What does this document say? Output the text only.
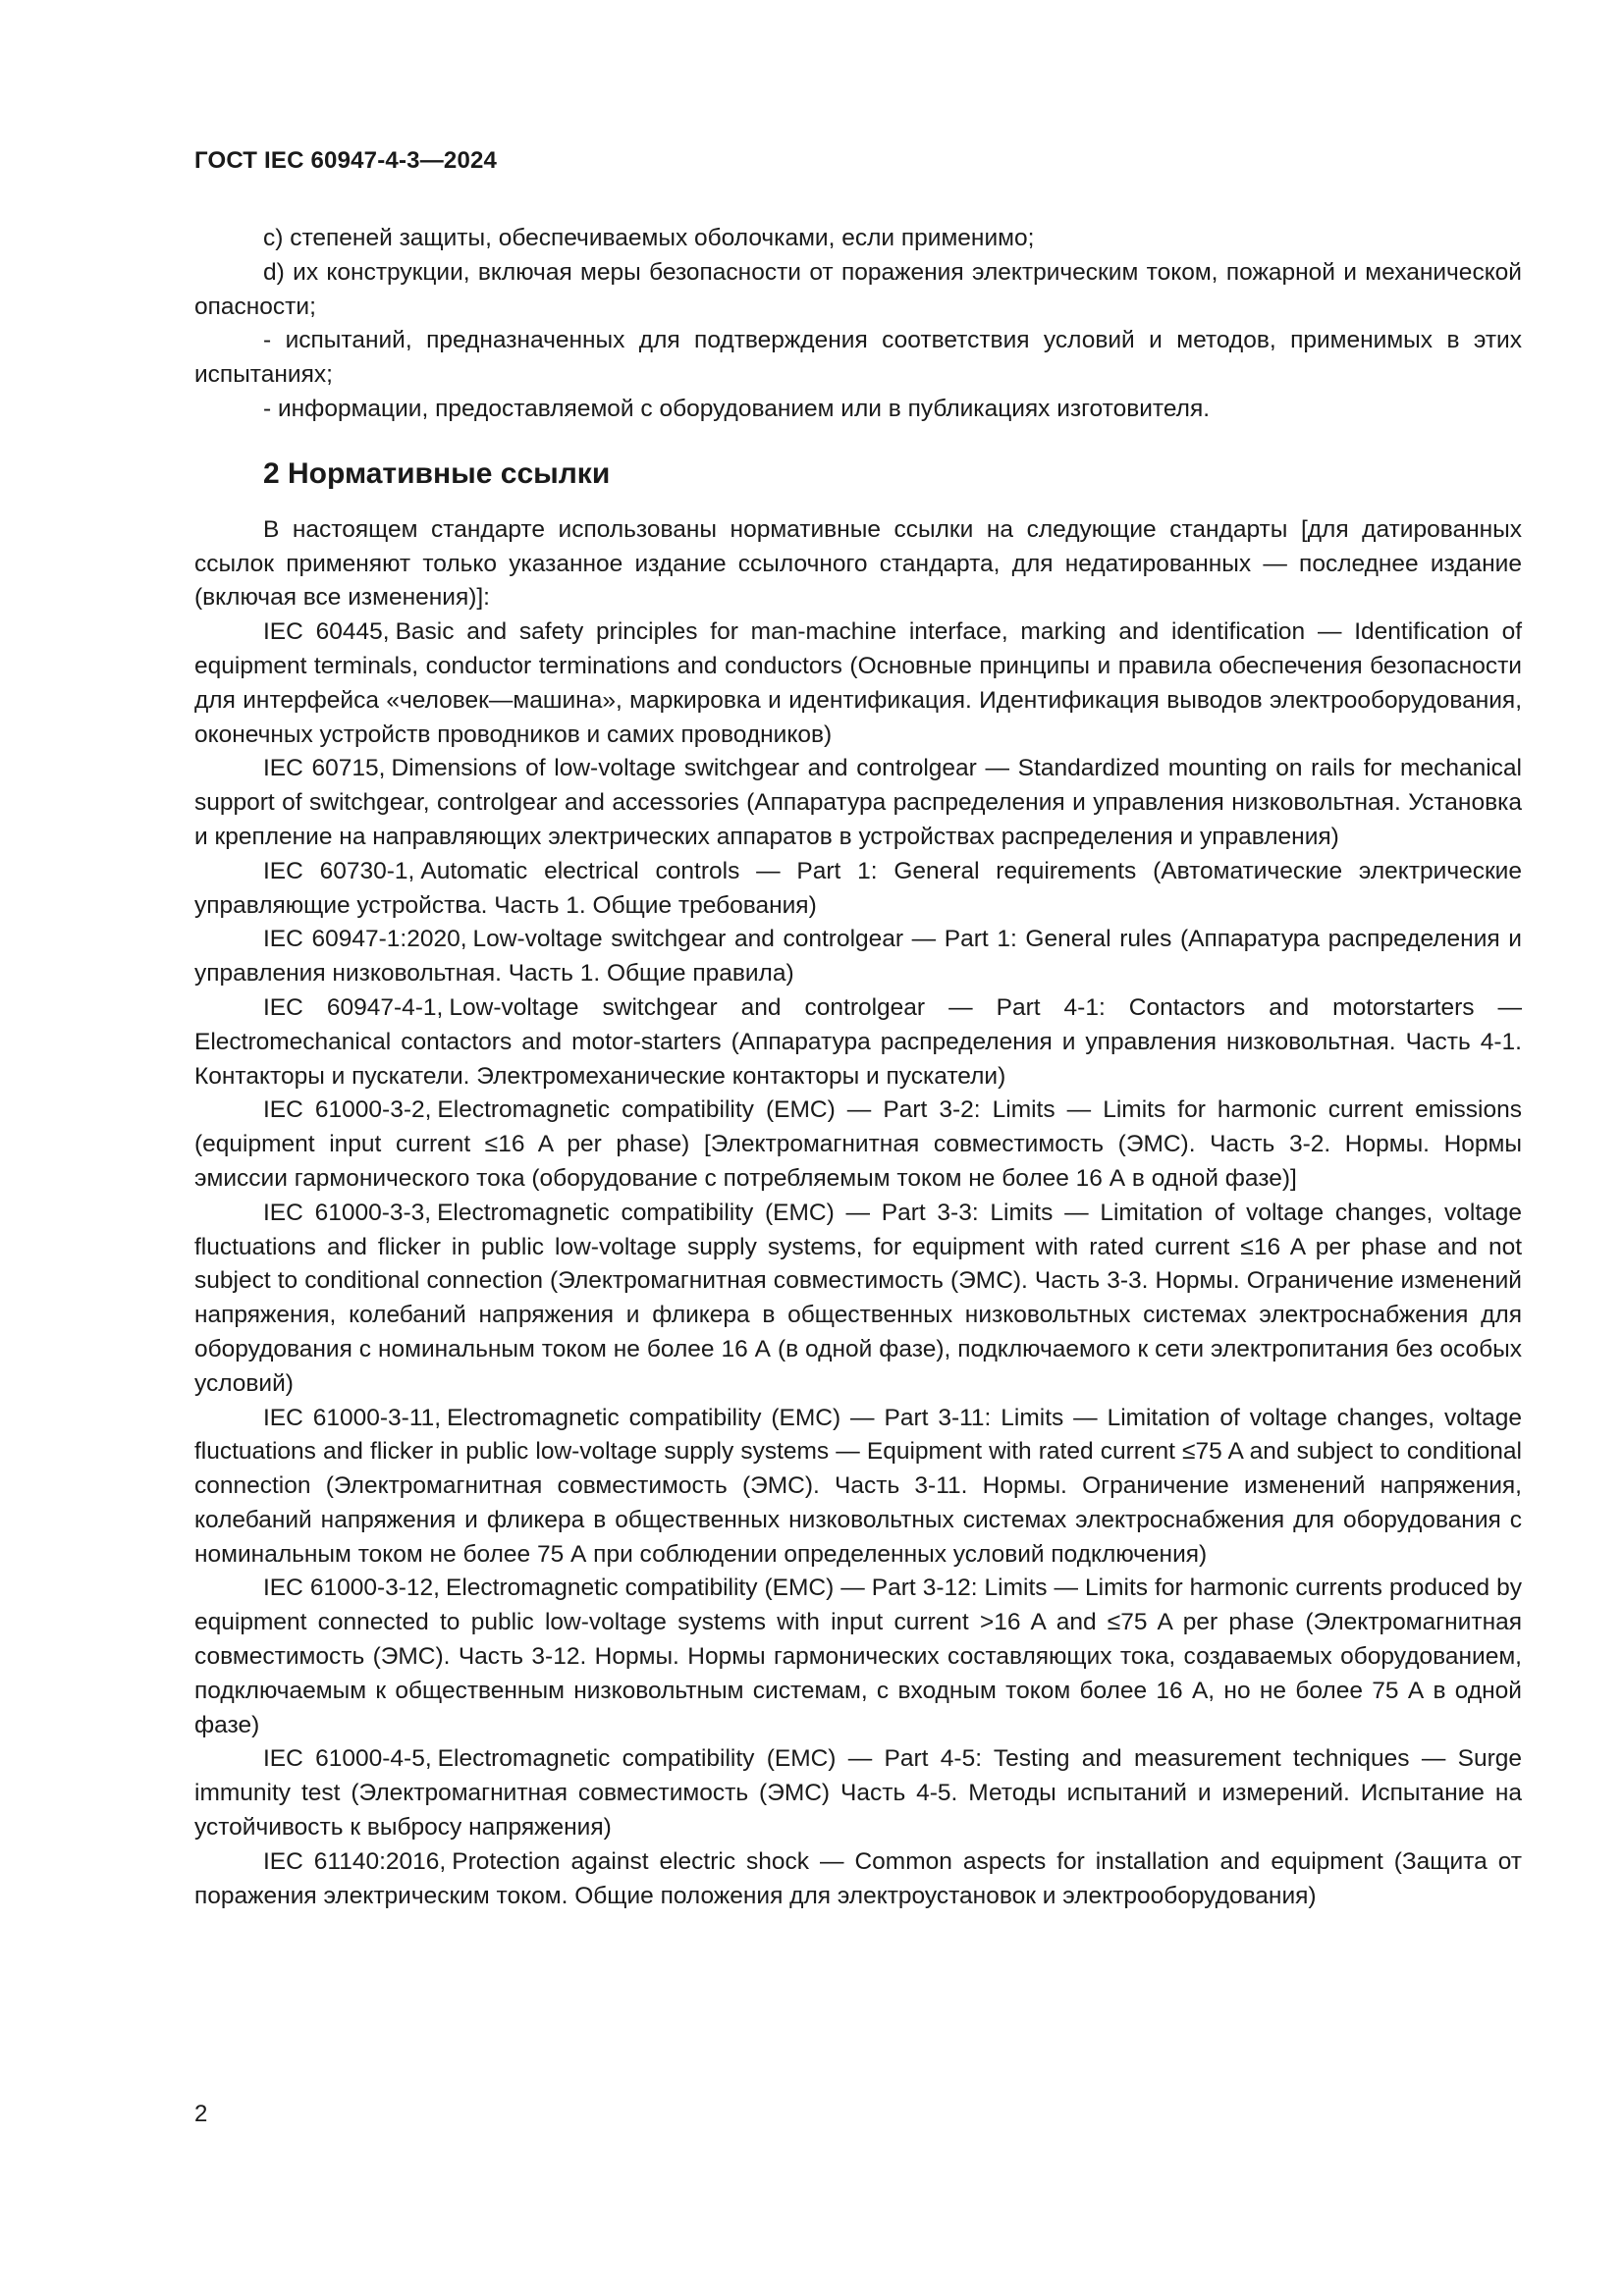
ГОСТ IEC 60947-4-3—2024

c) степеней защиты, обеспечиваемых оболочками, если применимо;

d) их конструкции, включая меры безопасности от поражения электрическим током, пожарной и механической опасности;

- испытаний, предназначенных для подтверждения соответствия условий и методов, применимых в этих испытаниях;

- информации, предоставляемой с оборудованием или в публикациях изготовителя.

2 Нормативные ссылки

В настоящем стандарте использованы нормативные ссылки на следующие стандарты [для датированных ссылок применяют только указанное издание ссылочного стандарта, для недатированных — последнее издание (включая все изменения)]:

IEC 60445, Basic and safety principles for man-machine interface, marking and identification — Identification of equipment terminals, conductor terminations and conductors (Основные принципы и правила обеспечения безопасности для интерфейса «человек—машина», маркировка и идентификация. Идентификация выводов электрооборудования, оконечных устройств проводников и самих проводников)

IEC 60715, Dimensions of low-voltage switchgear and controlgear — Standardized mounting on rails for mechanical support of switchgear, controlgear and accessories (Аппаратура распределения и управления низковольтная. Установка и крепление на направляющих электрических аппаратов в устройствах распределения и управления)

IEC 60730-1, Automatic electrical controls — Part 1: General requirements (Автоматические электрические управляющие устройства. Часть 1. Общие требования)

IEC 60947-1:2020, Low-voltage switchgear and controlgear — Part 1: General rules (Аппаратура распределения и управления низковольтная. Часть 1. Общие правила)

IEC 60947-4-1, Low-voltage switchgear and controlgear — Part 4-1: Contactors and motorstarters — Electromechanical contactors and motor-starters (Аппаратура распределения и управления низковольтная. Часть 4-1. Контакторы и пускатели. Электромеханические контакторы и пускатели)

IEC 61000-3-2, Electromagnetic compatibility (EMC) — Part 3-2: Limits — Limits for harmonic current emissions (equipment input current ≤16 A per phase) [Электромагнитная совместимость (ЭМС). Часть 3-2. Нормы. Нормы эмиссии гармонического тока (оборудование с потребляемым током не более 16 А в одной фазе)]

IEC 61000-3-3, Electromagnetic compatibility (EMC) — Part 3-3: Limits — Limitation of voltage changes, voltage fluctuations and flicker in public low-voltage supply systems, for equipment with rated current ≤16 A per phase and not subject to conditional connection (Электромагнитная совместимость (ЭМС). Часть 3-3. Нормы. Ограничение изменений напряжения, колебаний напряжения и фликера в общественных низковольтных системах электроснабжения для оборудования с номинальным током не более 16 А (в одной фазе), подключаемого к сети электропитания без особых условий)

IEC 61000-3-11, Electromagnetic compatibility (EMC) — Part 3-11: Limits — Limitation of voltage changes, voltage fluctuations and flicker in public low-voltage supply systems — Equipment with rated current ≤75 A and subject to conditional connection (Электромагнитная совместимость (ЭМС). Часть 3-11. Нормы. Ограничение изменений напряжения, колебаний напряжения и фликера в общественных низковольтных системах электроснабжения для оборудования с номинальным током не более 75 А при соблюдении определенных условий подключения)

IEC 61000-3-12, Electromagnetic compatibility (EMC) — Part 3-12: Limits — Limits for harmonic currents produced by equipment connected to public low-voltage systems with input current >16 A and ≤75 A per phase (Электромагнитная совместимость (ЭМС). Часть 3-12. Нормы. Нормы гармонических составляющих тока, создаваемых оборудованием, подключаемым к общественным низковольтным системам, с входным током более 16 А, но не более 75 А в одной фазе)

IEC 61000-4-5, Electromagnetic compatibility (EMC) — Part 4-5: Testing and measurement techniques — Surge immunity test (Электромагнитная совместимость (ЭМС) Часть 4-5. Методы испытаний и измерений. Испытание на устойчивость к выбросу напряжения)

IEC 61140:2016, Protection against electric shock — Common aspects for installation and equipment (Защита от поражения электрическим током. Общие положения для электроустановок и электрооборудования)

2
